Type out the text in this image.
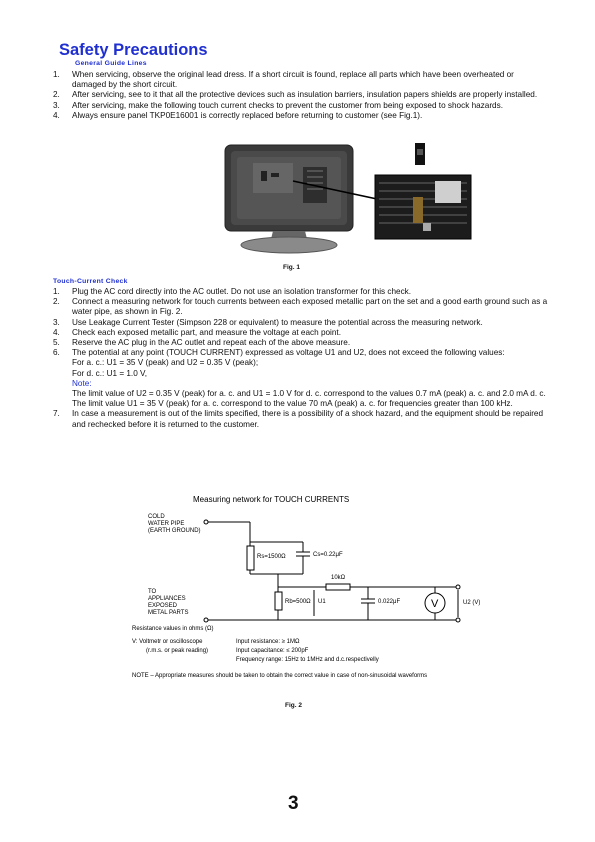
Safety Precautions
General Guide Lines
1. When servicing, observe the original lead dress. If a short circuit is found, replace all parts which have been overheated or damaged by the short circuit.

2. After servicing, see to it that all the protective devices such as insulation barriers, insulation papers shields are properly installed.

3. After servicing, make the following touch current checks to prevent the customer from being exposed to shock hazards.

4. Always ensure panel TKP0E16001 is correctly replaced before returning to customer (see Fig.1).

Fig. 1
Touch-Current Check
1. Plug the AC cord directly into the AC outlet. Do not use an isolation transformer for this check.

2. Connect a measuring network for touch currents between each exposed metallic part on the set and a good earth ground such as a water pipe, as shown in Fig. 2.

3. Use Leakage Current Tester (Simpson 228 or equivalent) to measure the potential across the measuring network.

4. Check each exposed metallic part, and measure the voltage at each point.

5. Reserve the AC plug in the AC outlet and repeat each of the above measure.

6. The potential at any point (TOUCH CURRENT) expressed as voltage U1 and U2, does not exceed the following values:

For a. c.: U1 = 35 V (peak) and U2 = 0.35 V (peak);

For d. c.: U1 = 1.0 V,

Note:

The limit value of U2 = 0.35 V (peak) for a. c. and U1 = 1.0 V for d. c. correspond to the values 0.7 mA (peak) a. c. and 2.0 mA d. c.

The limit value U1 = 35 V (peak) for a. c. correspond to the value 70 mA (peak) a. c. for frequencies greater than 100 kHz.

7. In case a measurement is out of the limits specified, there is a possibility of a shock hazard, and the equipment should be repaired and rechecked before it is returned to the customer.

Measuring network for TOUCH CURRENTS
COLD
WATER PIPE
(EARTH GROUND)
Rs=1500Ω	Cs=0.22μF
10kΩ
TO
APPLIANCES
EXPOSED
METAL PARTS
Rb=500Ω U1	0.022μF	V	U2 (V)
Resistance values in ohms (Ω)
V: Voltmetr or oscilloscope
(r.m.s. or peak reading)
Input resistance: ≥ 1MΩ
Input capacitance: ≤ 200pF
Frequency range: 15Hz to 1MHz and d.c.respectivelly
NOTE – Appropriate measures should be taken to obtain the correct value in case of non-sinusoidal waveforms
Fig. 2
3
